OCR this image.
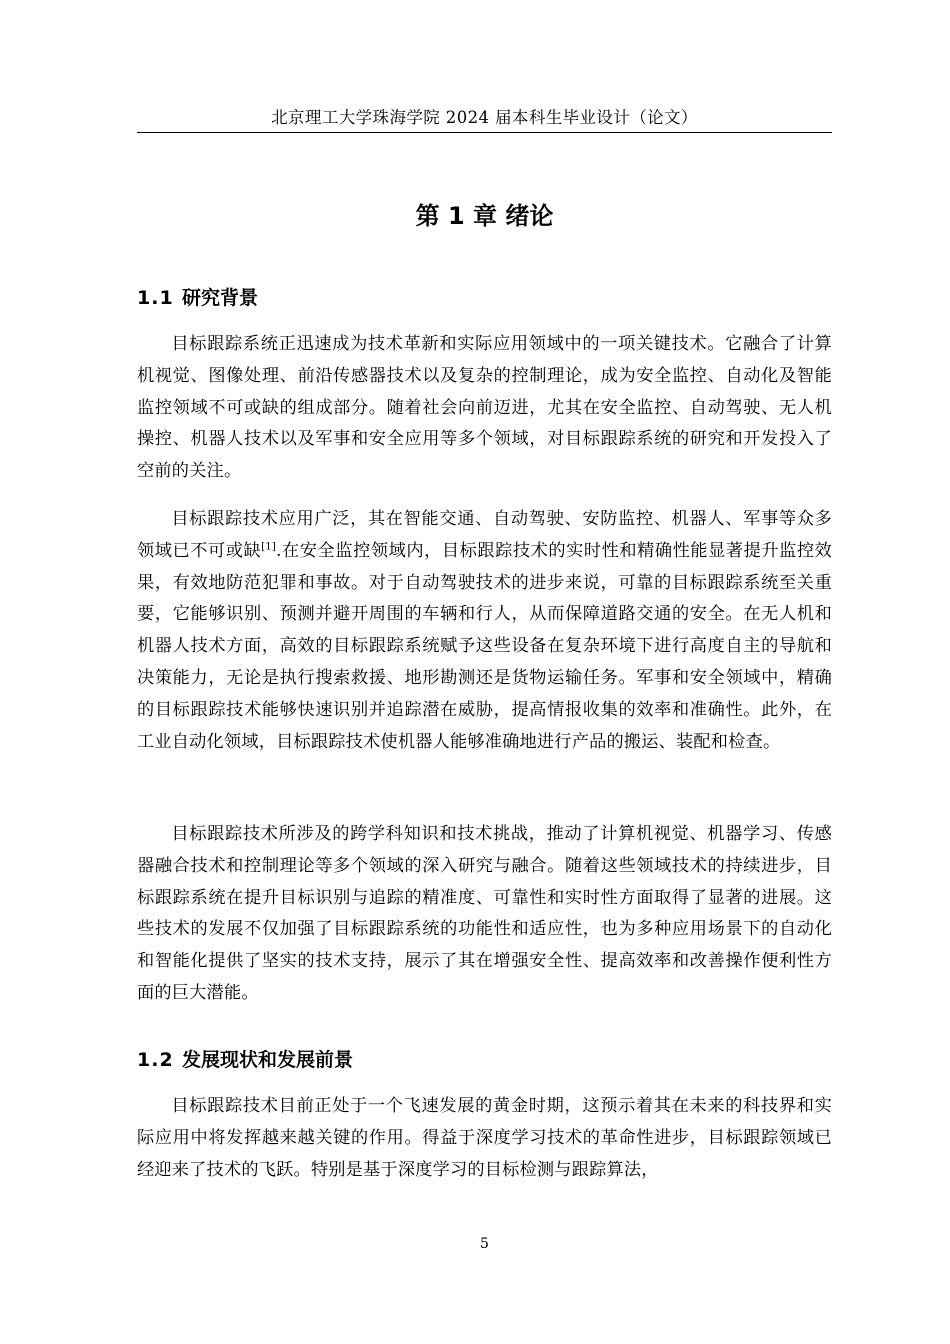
北京理工大学珠海学院 2024 届本科生毕业设计（论文）
第 1 章 绪论
1.1 研究背景

目标跟踪系统正迅速成为技术革新和实际应用领域中的一项关键技术。它融合了计算机视觉、图像处理、前沿传感器技术以及复杂的控制理论，成为安全监控、自动化及智能监控领域不可或缺的组成部分。随着社会向前迈进，尤其在安全监控、自动驾驶、无人机操控、机器人技术以及军事和安全应用等多个领域，对目标跟踪系统的研究和开发投入了空前的关注。

目标跟踪技术应用广泛，其在智能交通、自动驾驶、安防监控、机器人、军事等众多领域已不可或缺[1].在安全监控领域内，目标跟踪技术的实时性和精确性能显著提升监控效果，有效地防范犯罪和事故。对于自动驾驶技术的进步来说，可靠的目标跟踪系统至关重要，它能够识别、预测并避开周围的车辆和行人，从而保障道路交通的安全。在无人机和机器人技术方面，高效的目标跟踪系统赋予这些设备在复杂环境下进行高度自主的导航和决策能力，无论是执行搜索救援、地形勘测还是货物运输任务。军事和安全领域中，精确的目标跟踪技术能够快速识别并追踪潜在威胁，提高情报收集的效率和准确性。此外，在工业自动化领域，目标跟踪技术使机器人能够准确地进行产品的搬运、装配和检查。

目标跟踪技术所涉及的跨学科知识和技术挑战，推动了计算机视觉、机器学习、传感器融合技术和控制理论等多个领域的深入研究与融合。随着这些领域技术的持续进步，目标跟踪系统在提升目标识别与追踪的精准度、可靠性和实时性方面取得了显著的进展。这些技术的发展不仅加强了目标跟踪系统的功能性和适应性，也为多种应用场景下的自动化和智能化提供了坚实的技术支持，展示了其在增强安全性、提高效率和改善操作便利性方面的巨大潜能。

1.2 发展现状和发展前景

目标跟踪技术目前正处于一个飞速发展的黄金时期，这预示着其在未来的科技界和实际应用中将发挥越来越关键的作用。得益于深度学习技术的革命性进步，目标跟踪领域已经迎来了技术的飞跃。特别是基于深度学习的目标检测与跟踪算法，

5
